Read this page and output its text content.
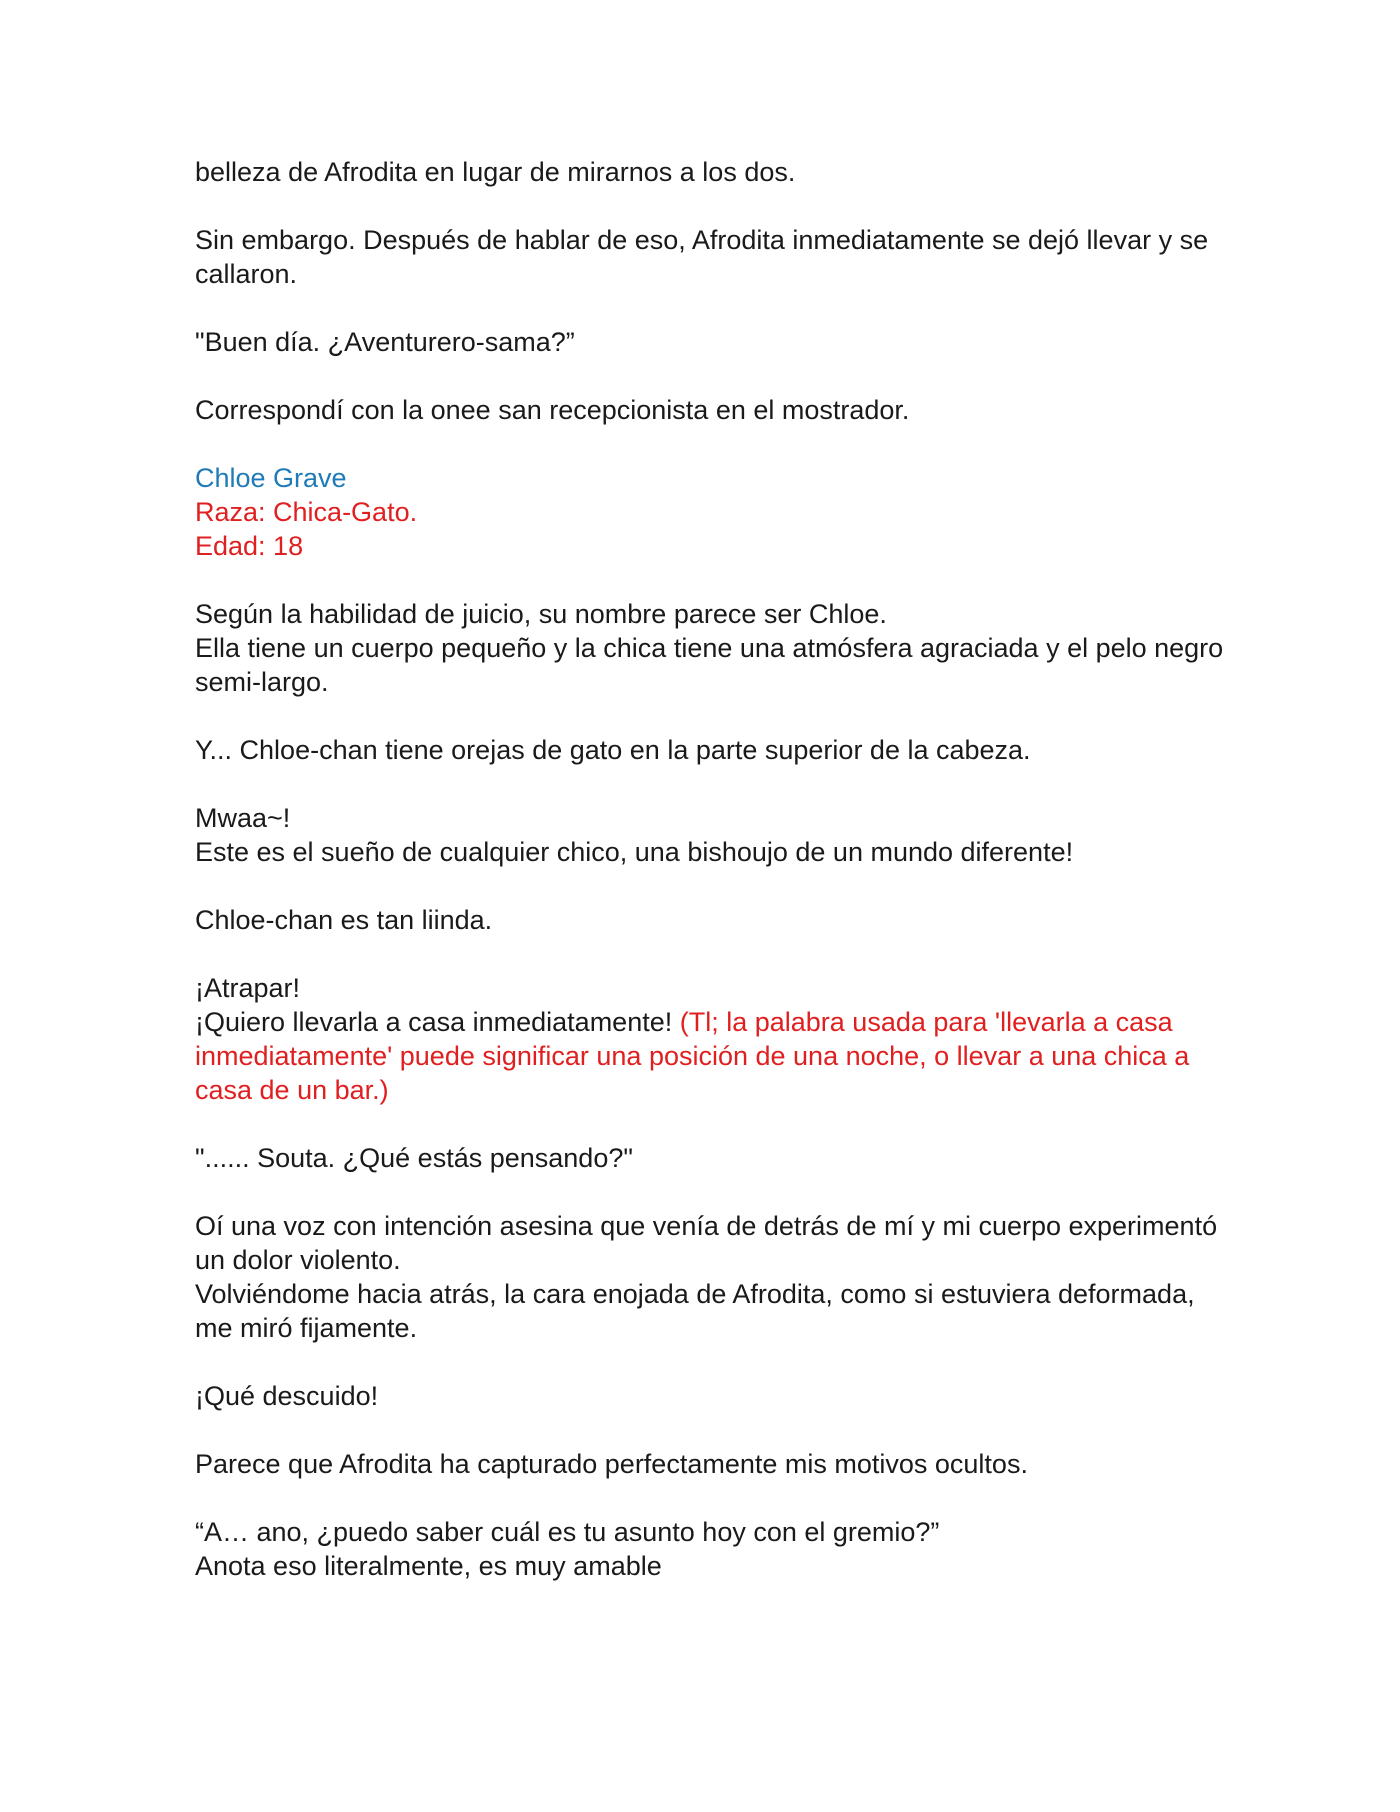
belleza de Afrodita en lugar de mirarnos a los dos.

Sin embargo. Después de hablar de eso, Afrodita inmediatamente se dejó llevar y se callaron.

"Buen día. ¿Aventurero-sama?”

Correspondí con la onee san recepcionista en el mostrador.

Chloe Grave
Raza: Chica-Gato.
Edad: 18

Según la habilidad de juicio, su nombre parece ser Chloe.
Ella tiene un cuerpo pequeño y la chica tiene una atmósfera agraciada y el pelo negro semi-largo.

Y... Chloe-chan tiene orejas de gato en la parte superior de la cabeza.

Mwaa~!
Este es el sueño de cualquier chico, una bishoujo de un mundo diferente!

Chloe-chan es tan liinda.

¡Atrapar!
¡Quiero llevarla a casa inmediatamente! (Tl; la palabra usada para 'llevarla a casa inmediatamente' puede significar una posición de una noche, o llevar a una chica a casa de un bar.)

"...... Souta. ¿Qué estás pensando?"

Oí una voz con intención asesina que venía de detrás de mí y mi cuerpo experimentó un dolor violento.
Volviéndome hacia atrás, la cara enojada de Afrodita, como si estuviera deformada, me miró fijamente.

¡Qué descuido!

Parece que Afrodita ha capturado perfectamente mis motivos ocultos.

“A… ano, ¿puedo saber cuál es tu asunto hoy con el gremio?”
Anota eso literalmente, es muy amable
